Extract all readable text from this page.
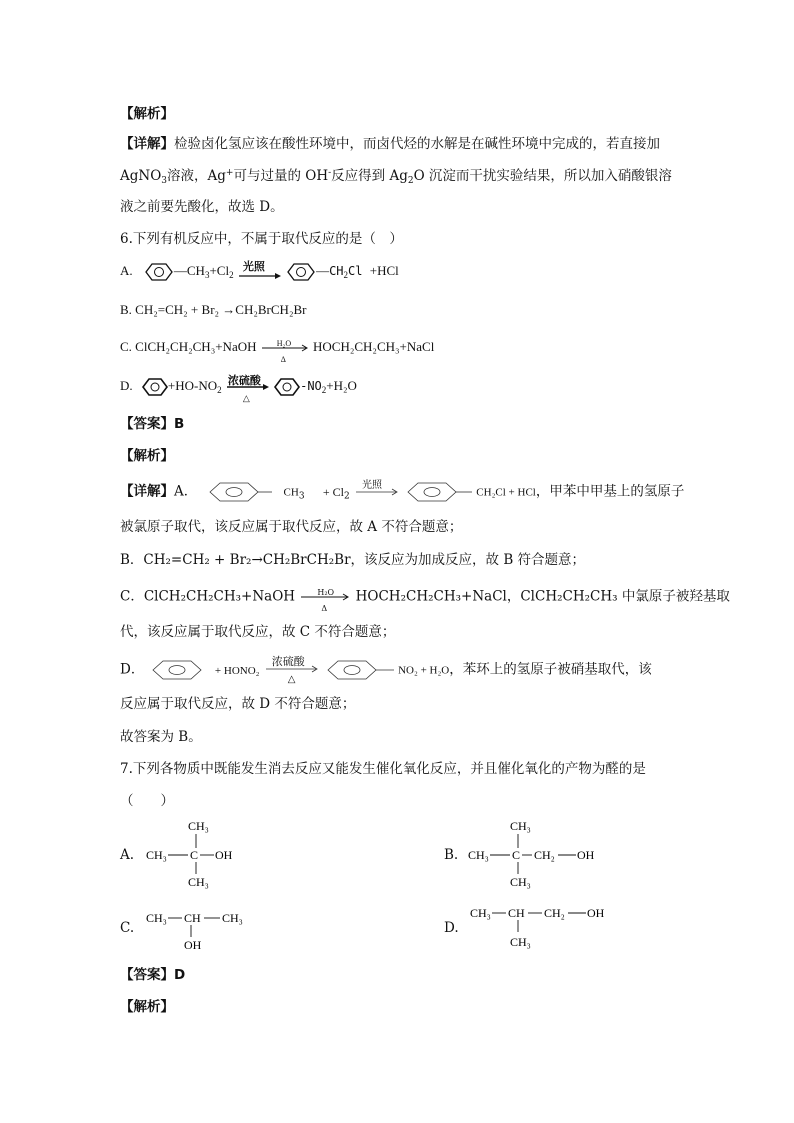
【解析】
【详解】检验卤化氢应该在酸性环境中，而卤代烃的水解是在碱性环境中完成的，若直接加
AgNO$_3$溶液，Ag+可与过量的 OH-反应得到 $Ag_2O$ 沉淀而干扰实验结果，所以加入硝酸银溶
液之前要先酸化，故选 D。
6.下列有机反应中，不属于取代反应的是（　）
A.	$—CH_3+Cl_2$
光照	$—CH_2Cl +HCl$
B. CH₂=CH₂ + Br₂ →CH₂BrCH₂Br
C. ClCH₂CH₂CH₃+NaOH	H₂O
Δ
HOCH₂CH₂CH₃+NaCl
D.	$+HO-NO_2$
浓硫酸
△
$-NO_2+H_2O$
【答案】B
【解析】
【详解】A．	$CH_3 + Cl_2$
光照
CH₂Cl + HCl，甲苯中甲基上的氢原子
被氯原子取代，该反应属于取代反应，故 A 不符合题意；
B．CH₂=CH₂ + Br₂→CH₂BrCH₂Br，该反应为加成反应，故 B 符合题意；
C．ClCH₂CH₂CH₃+NaOH	H₂O
Δ
HOCH₂CH₂CH₃+NaCl，ClCH₂CH₂CH₃ 中氯原子被羟基取
代，该反应属于取代反应，故 C 不符合题意；
D．	+ HONO₂
浓硫酸
△
NO₂ + H₂O，苯环上的氢原子被硝基取代，该
反应属于取代反应，故 D 不符合题意；
故答案为 B。
7.下列各物质中既能发生消去反应又能发生催化氧化反应，并且催化氧化的产物为醛的是
（　　）
A.
CH₃
CH₃ C OH
CH₃
B.
CH₃
CH₃ C CH₂ OH
CH₃
C.
CH₃ CH CH₃
OH
D.
CH₃ CH CH₂ OH
CH₃
【答案】D
【解析】
